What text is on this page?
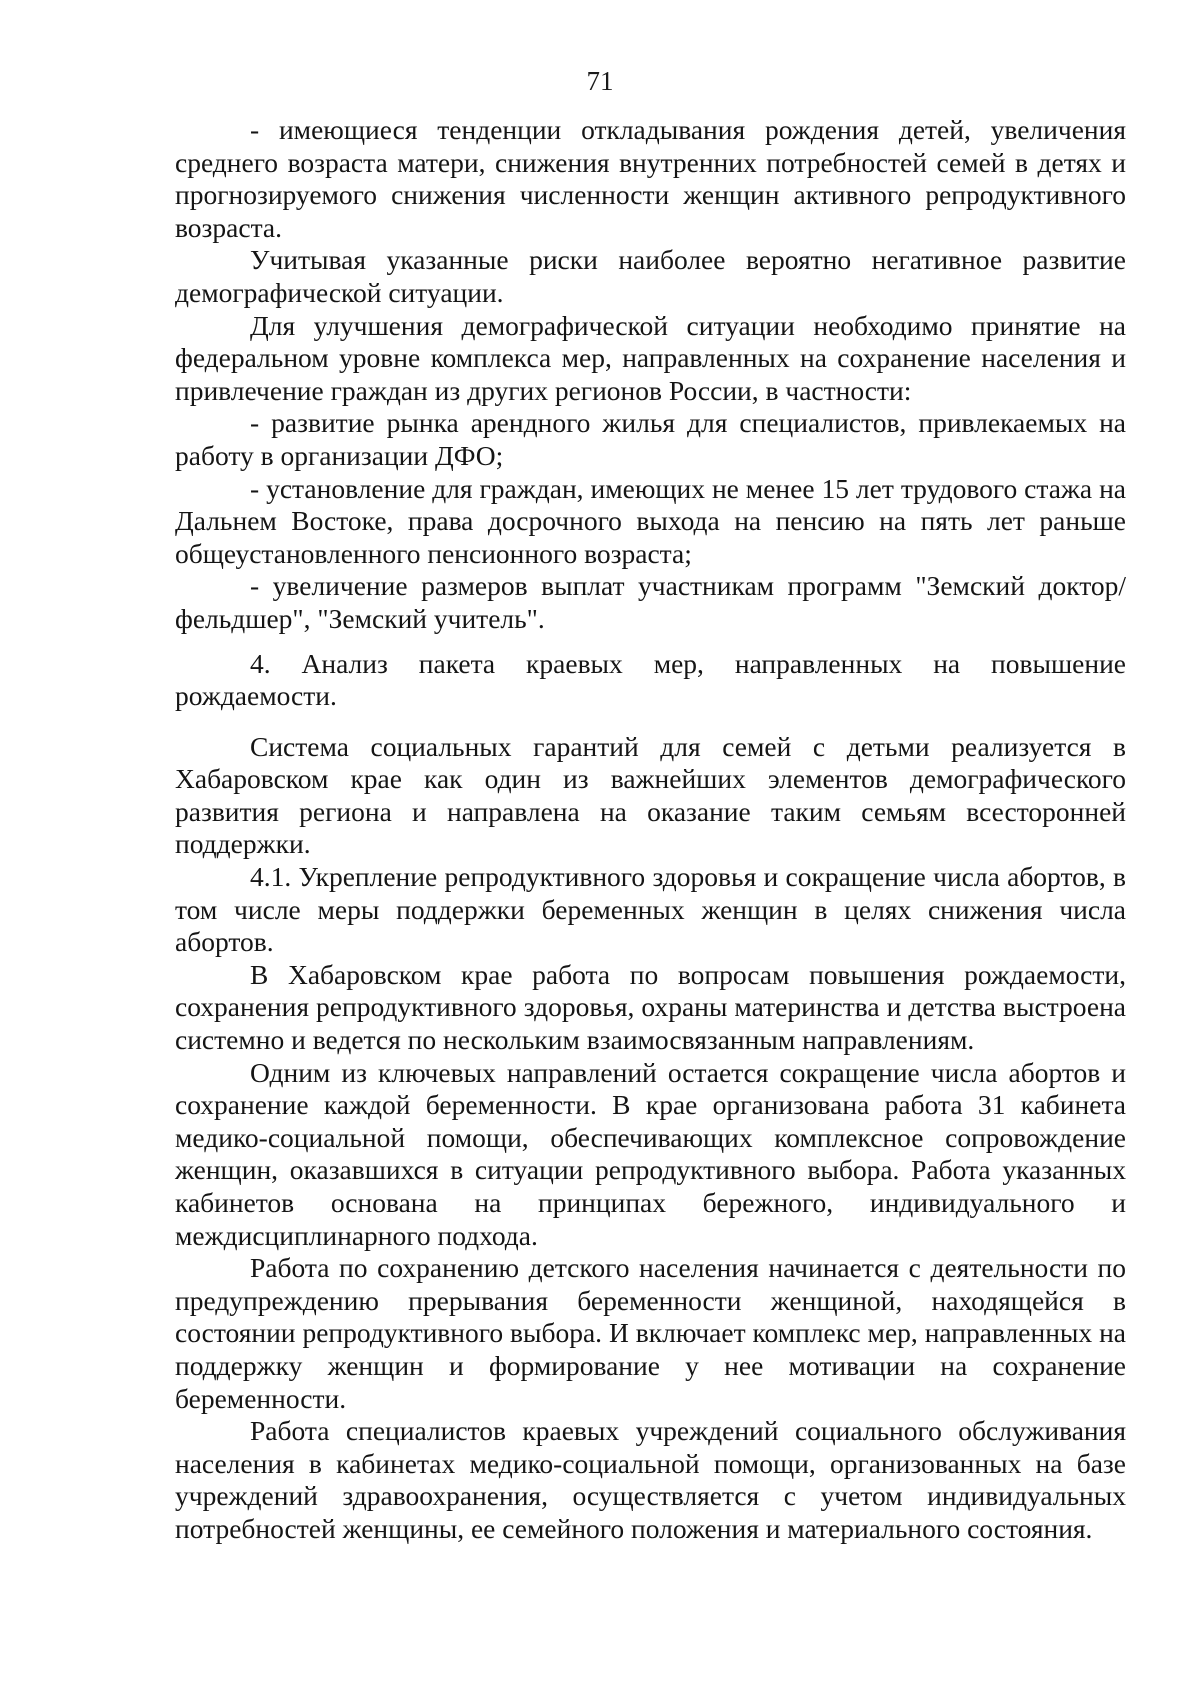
71

- имеющиеся тенденции откладывания рождения детей, увеличения среднего возраста матери, снижения внутренних потребностей семей в детях и прогнозируемого снижения численности женщин активного репродуктивного возраста.

Учитывая указанные риски наиболее вероятно негативное развитие демографической ситуации.

Для улучшения демографической ситуации необходимо принятие на федеральном уровне комплекса мер, направленных на сохранение населения и привлечение граждан из других регионов России, в частности:

- развитие рынка арендного жилья для специалистов, привлекаемых на работу в организации ДФО;

- установление для граждан, имеющих не менее 15 лет трудового стажа на Дальнем Востоке, права досрочного выхода на пенсию на пять лет раньше общеустановленного пенсионного возраста;

- увеличение размеров выплат участникам программ "Земский доктор/ фельдшер", "Земский учитель".

4. Анализ пакета краевых мер, направленных на повышение рождаемости.

Система социальных гарантий для семей с детьми реализуется в Хабаровском крае как один из важнейших элементов демографического развития региона и направлена на оказание таким семьям всесторонней поддержки.

4.1. Укрепление репродуктивного здоровья и сокращение числа абортов, в том числе меры поддержки беременных женщин в целях снижения числа абортов.

В Хабаровском крае работа по вопросам повышения рождаемости, сохранения репродуктивного здоровья, охраны материнства и детства выстроена системно и ведется по нескольким взаимосвязанным направлениям.

Одним из ключевых направлений остается сокращение числа абортов и сохранение каждой беременности. В крае организована работа 31 кабинета медико-социальной помощи, обеспечивающих комплексное сопровождение женщин, оказавшихся в ситуации репродуктивного выбора. Работа указанных кабинетов основана на принципах бережного, индивидуального и междисциплинарного подхода.

Работа по сохранению детского населения начинается с деятельности по предупреждению прерывания беременности женщиной, находящейся в состоянии репродуктивного выбора. И включает комплекс мер, направленных на поддержку женщин и формирование у нее мотивации на сохранение беременности.

Работа специалистов краевых учреждений социального обслуживания населения в кабинетах медико-социальной помощи, организованных на базе учреждений здравоохранения, осуществляется с учетом индивидуальных потребностей женщины, ее семейного положения и материального состояния.
